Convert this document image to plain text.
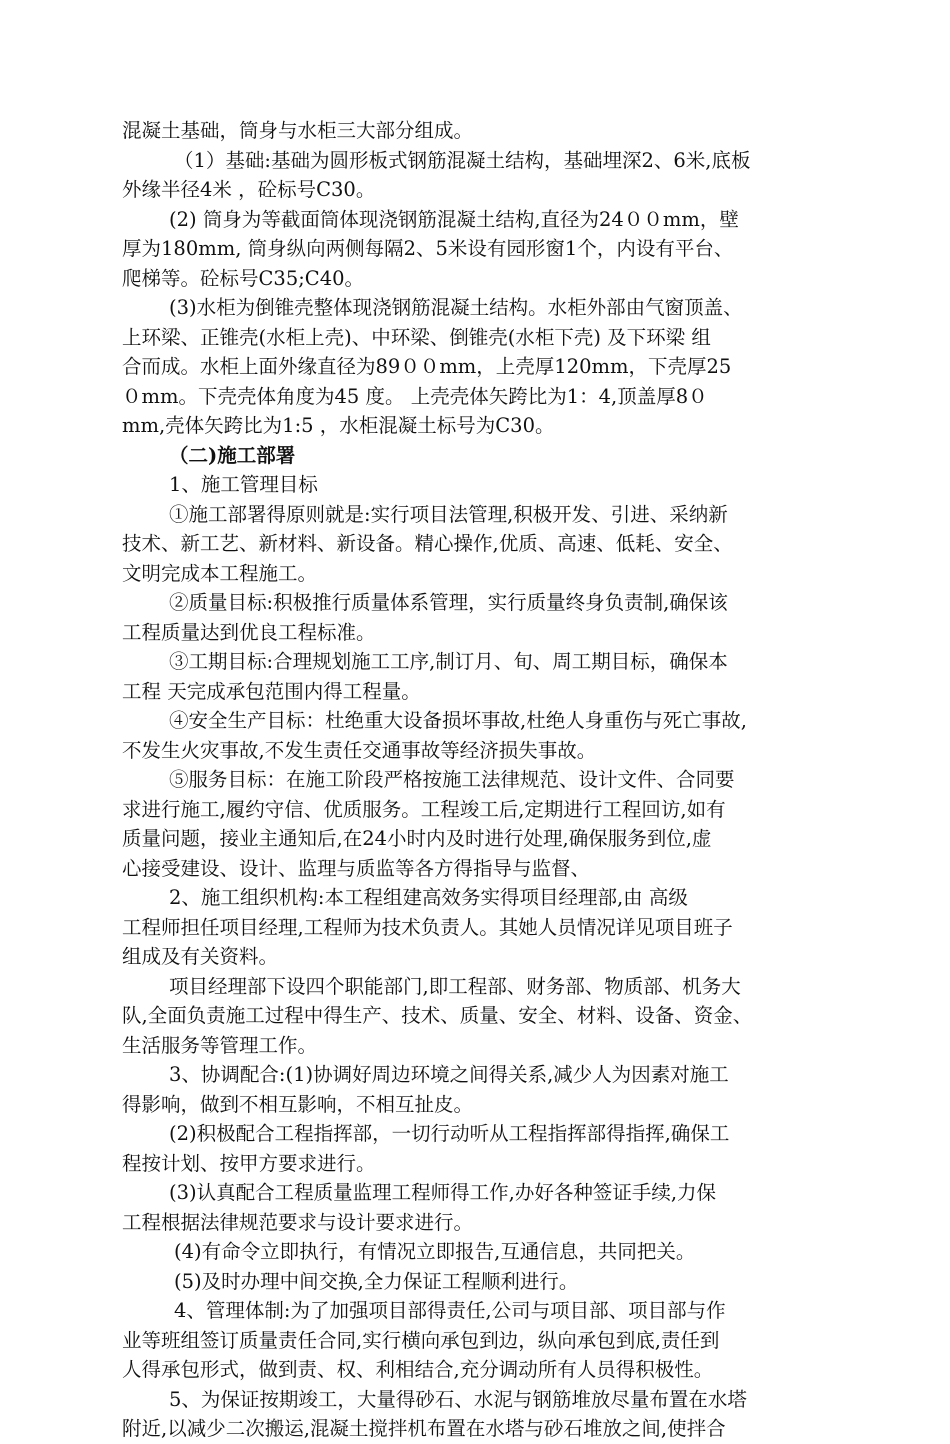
混凝土基础，筒身与水柜三大部分组成。
（1）基础:基础为圆形板式钢筋混凝土结构，基础埋深2、6米,底板
外缘半径4米 ，砼标号C30。
(2) 筒身为等截面筒体现浇钢筋混凝土结构,直径为24００mm，壁
厚为180mm, 筒身纵向两侧每隔2、5米设有园形窗1个，内设有平台、
爬梯等。砼标号C35;C40。
(3)水柜为倒锥壳整体现浇钢筋混凝土结构。水柜外部由气窗顶盖、
上环梁、正锥壳(水柜上壳)、中环梁、倒锥壳(水柜下壳) 及下环梁 组
合而成。水柜上面外缘直径为89００mm，上壳厚120mm，下壳厚25
０mm。下壳壳体角度为45 度。 上壳壳体矢跨比为1：4,顶盖厚8０
mm,壳体矢跨比为1:5 ，水柜混凝土标号为C30。
（二)施工部署
1、施工管理目标
①施工部署得原则就是:实行项目法管理,积极开发、引进、采纳新
技术、新工艺、新材料、新设备。精心操作,优质、高速、低耗、安全、
文明完成本工程施工。
②质量目标:积极推行质量体系管理，实行质量终身负责制,确保该
工程质量达到优良工程标准。
③工期目标:合理规划施工工序,制订月、旬、周工期目标，确保本
工程 天完成承包范围内得工程量。
④安全生产目标：杜绝重大设备损坏事故,杜绝人身重伤与死亡事故,
不发生火灾事故,不发生责任交通事故等经济损失事故。
⑤服务目标：在施工阶段严格按施工法律规范、设计文件、合同要
求进行施工,履约守信、优质服务。工程竣工后,定期进行工程回访,如有
质量问题，接业主通知后,在24小时内及时进行处理,确保服务到位,虚
心接受建设、设计、监理与质监等各方得指导与监督、
2、施工组织机构:本工程组建高效务实得项目经理部,由 高级
工程师担任项目经理,工程师为技术负责人。其她人员情况详见项目班子
组成及有关资料。
项目经理部下设四个职能部门,即工程部、财务部、物质部、机务大
队,全面负责施工过程中得生产、技术、质量、安全、材料、设备、资金、
生活服务等管理工作。
3、协调配合:(1)协调好周边环境之间得关系,减少人为因素对施工
得影响，做到不相互影响，不相互扯皮。
(2)积极配合工程指挥部，一切行动听从工程指挥部得指挥,确保工
程按计划、按甲方要求进行。
(3)认真配合工程质量监理工程师得工作,办好各种签证手续,力保
工程根据法律规范要求与设计要求进行。
(4)有命令立即执行，有情况立即报告,互通信息，共同把关。
(5)及时办理中间交换,全力保证工程顺利进行。
4、管理体制:为了加强项目部得责任,公司与项目部、项目部与作
业等班组签订质量责任合同,实行横向承包到边，纵向承包到底,责任到
人得承包形式，做到责、权、利相结合,充分调动所有人员得积极性。
5、为保证按期竣工，大量得砂石、水泥与钢筋堆放尽量布置在水塔
附近,以减少二次搬运,混凝土搅拌机布置在水塔与砂石堆放之间,使拌合
